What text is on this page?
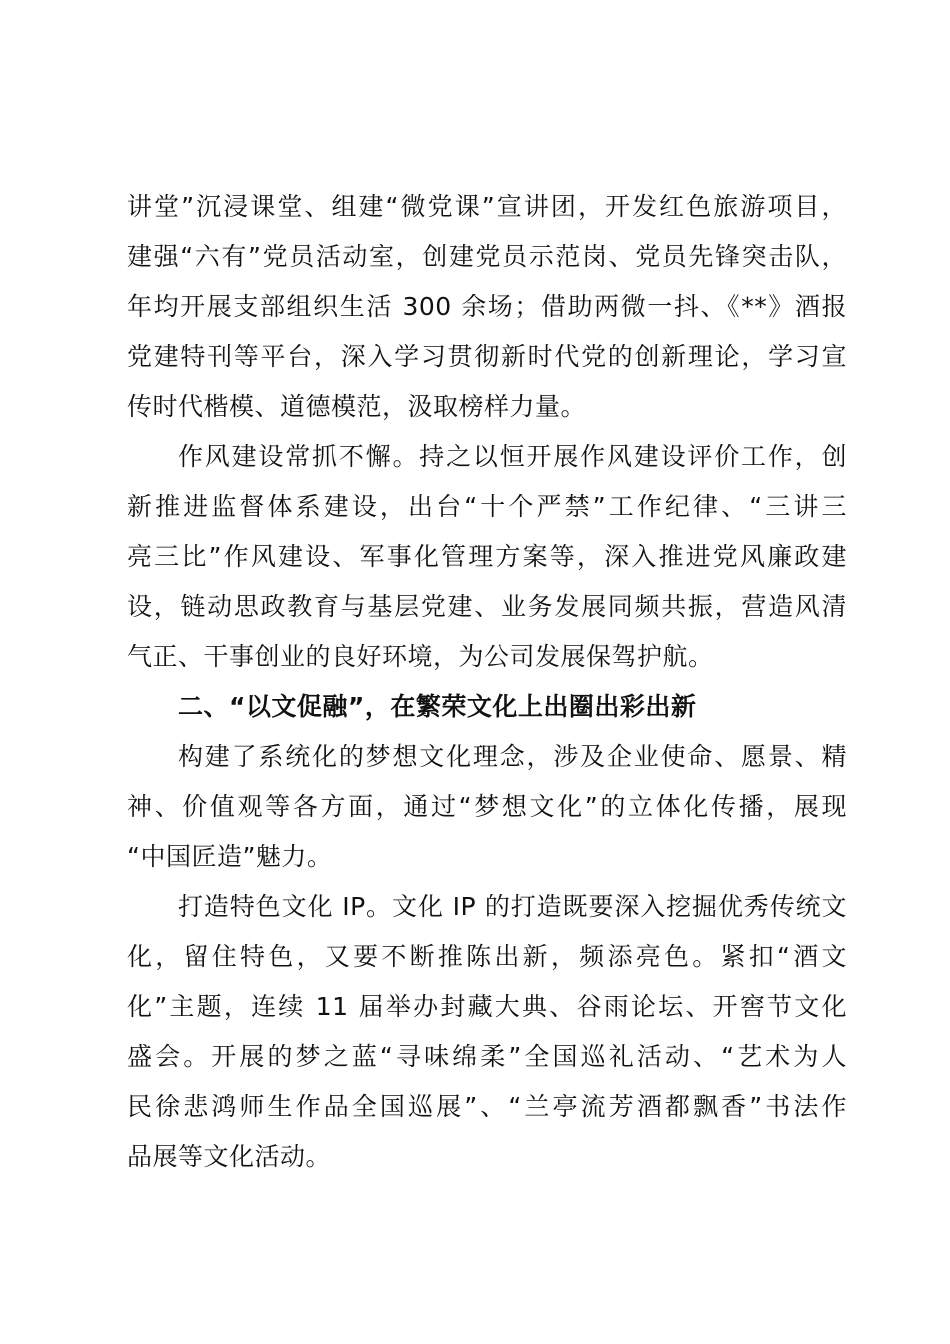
讲堂”沉浸课堂、组建“微党课”宣讲团，开发红色旅游项目，
建强“六有”党员活动室，创建党员示范岗、党员先锋突击队，
年均开展支部组织生活 300 余场；借助两微一抖、《**》酒报
党建特刊等平台，深入学习贯彻新时代党的创新理论，学习宣
传时代楷模、道德模范，汲取榜样力量。
作风建设常抓不懈。持之以恒开展作风建设评价工作，创
新推进监督体系建设，出台“十个严禁”工作纪律、“三讲三
亮三比”作风建设、军事化管理方案等，深入推进党风廉政建
设，链动思政教育与基层党建、业务发展同频共振，营造风清
气正、干事创业的良好环境，为公司发展保驾护航。
二、“以文促融”，在繁荣文化上出圈出彩出新
构建了系统化的梦想文化理念，涉及企业使命、愿景、精
神、价值观等各方面，通过“梦想文化”的立体化传播，展现
“中国匠造”魅力。
打造特色文化 IP。文化 IP 的打造既要深入挖掘优秀传统文
化，留住特色，又要不断推陈出新，频添亮色。紧扣“酒文
化”主题，连续 11 届举办封藏大典、谷雨论坛、开窖节文化
盛会。开展的梦之蓝“寻味绵柔”全国巡礼活动、“艺术为人
民徐悲鸿师生作品全国巡展”、“兰亭流芳酒都飘香”书法作
品展等文化活动。
